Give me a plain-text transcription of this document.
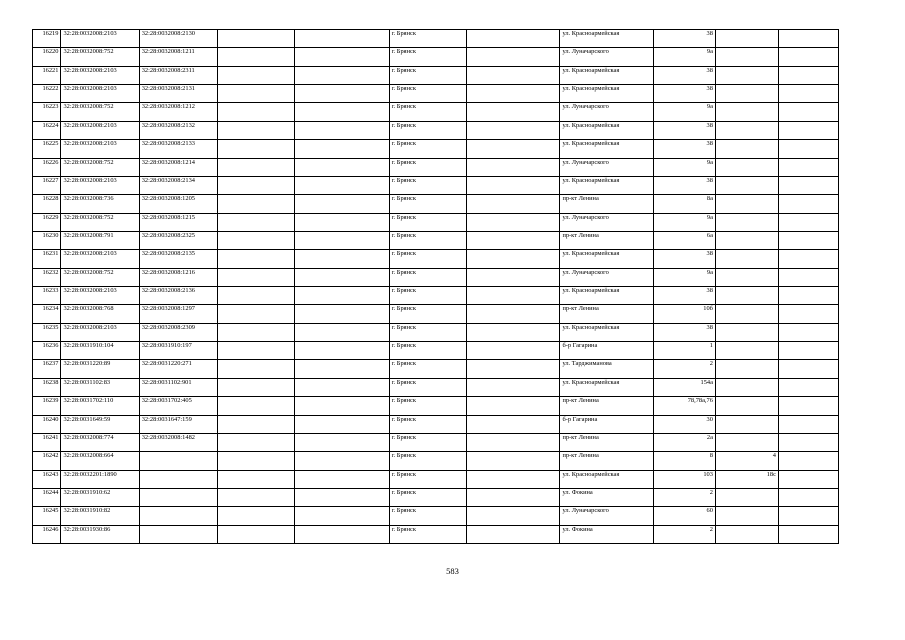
16219	32:28:0032008:2103	32:28:0032008:2130			г. Брянск		ул. Красноармейская	38		
16220	32:28:0032008:752	32:28:0032008:1211			г. Брянск		ул. Луначарского	9а		
16221	32:28:0032008:2103	32:28:0032008:2311			г. Брянск		ул. Красноармейская	38		
16222	32:28:0032008:2103	32:28:0032008:2131			г. Брянск		ул. Красноармейская	38		
16223	32:28:0032008:752	32:28:0032008:1212			г. Брянск		ул. Луначарского	9а		
16224	32:28:0032008:2103	32:28:0032008:2132			г. Брянск		ул. Красноармейская	38		
16225	32:28:0032008:2103	32:28:0032008:2133			г. Брянск		ул. Красноармейская	38		
16226	32:28:0032008:752	32:28:0032008:1214			г. Брянск		ул. Луначарского	9а		
16227	32:28:0032008:2103	32:28:0032008:2134			г. Брянск		ул. Красноармейская	38		
16228	32:28:0032008:736	32:28:0032008:1205			г. Брянск		пр-кт Ленина	8а		
16229	32:28:0032008:752	32:28:0032008:1215			г. Брянск		ул. Луначарского	9а		
16230	32:28:0032008:791	32:28:0032008:2325			г. Брянск		пр-кт Ленина	6а		
16231	32:28:0032008:2103	32:28:0032008:2135			г. Брянск		ул. Красноармейская	38		
16232	32:28:0032008:752	32:28:0032008:1216			г. Брянск		ул. Луначарского	9а		
16233	32:28:0032008:2103	32:28:0032008:2136			г. Брянск		ул. Красноармейская	38		
16234	32:28:0032008:768	32:28:0032008:1297			г. Брянск		пр-кт Ленина	10б		
16235	32:28:0032008:2103	32:28:0032008:2309			г. Брянск		ул. Красноармейская	38		
16236	32:28:0031910:104	32:28:0031910:197			г. Брянск		б-р Гагарина	1		
16237	32:28:0031220:89	32:28:0031220:271			г. Брянск		ул. Тарджиманова	2		
16238	32:28:0031102:83	32:28:0031102:901			г. Брянск		ул. Красноармейская	154а		
16239	32:28:0031702:110	32:28:0031702:405			г. Брянск		пр-кт Ленина	78,78а,76		
16240	32:28:0031649:59	32:28:0031647:159			г. Брянск		б-р Гагарина	30		
16241	32:28:0032008:774	32:28:0032008:1482			г. Брянск		пр-кт Ленина	2а		
16242	32:28:0032008:664				г. Брянск		пр-кт Ленина	8	4	
16243	32:28:0032201:1890				г. Брянск		ул. Красноармейская	103	18с	
16244	32:28:0031910:62				г. Брянск		ул. Фокина	2		
16245	32:28:0031910:82				г. Брянск		ул. Луначарского	60		
16246	32:28:0031930:86				г. Брянск		ул. Фокина	2		
583
